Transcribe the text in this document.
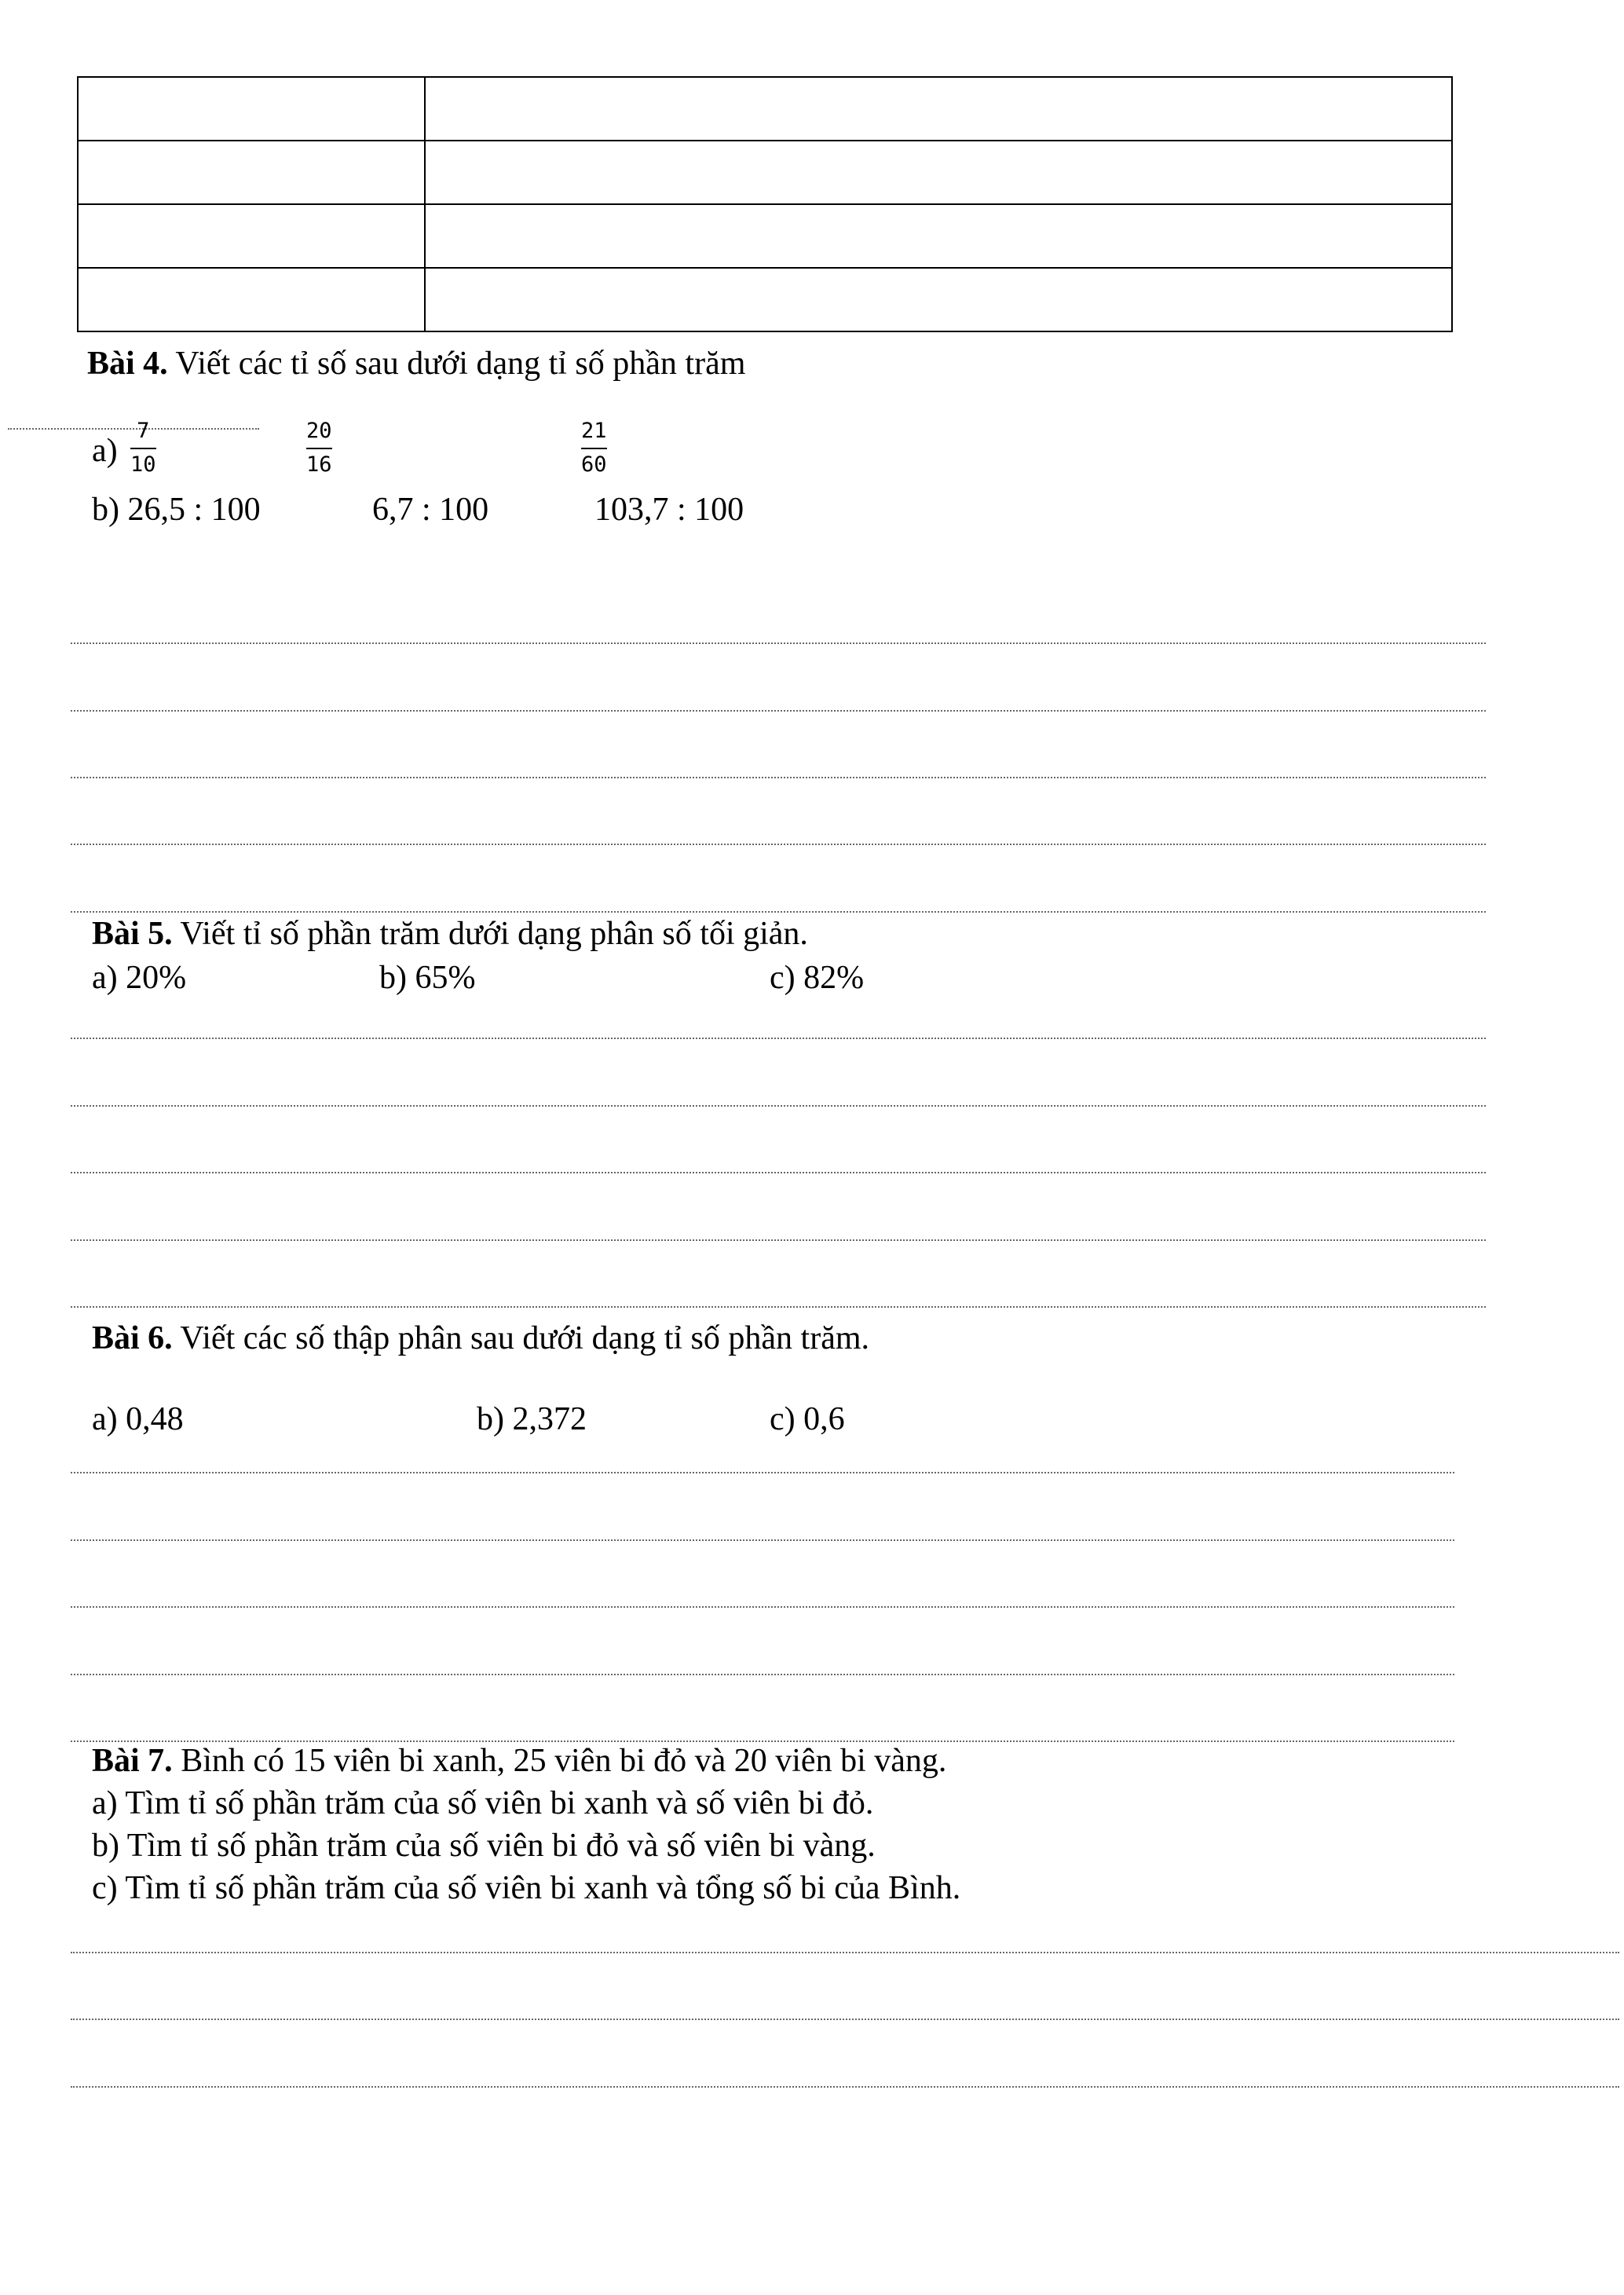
Bài 4. Viết các tỉ số sau dưới dạng tỉ số phần trăm
a)
7
10
20
16
21
60
b) 26,5 : 100	6,7 : 100	103,7 : 100
Bài 5. Viết tỉ số phần trăm dưới dạng phân số tối giản.
a) 20%	b) 65%	c) 82%
Bài 6. Viết các số thập phân sau dưới dạng tỉ số phần trăm.
a) 0,48	b) 2,372	c) 0,6
Bài 7. Bình có 15 viên bi xanh, 25 viên bi đỏ và 20 viên bi vàng.
a) Tìm tỉ số phần trăm của số viên bi xanh và số viên bi đỏ.
b) Tìm tỉ số phần trăm của số viên bi đỏ và số viên bi vàng.
c) Tìm tỉ số phần trăm của số viên bi xanh và tổng số bi của Bình.
